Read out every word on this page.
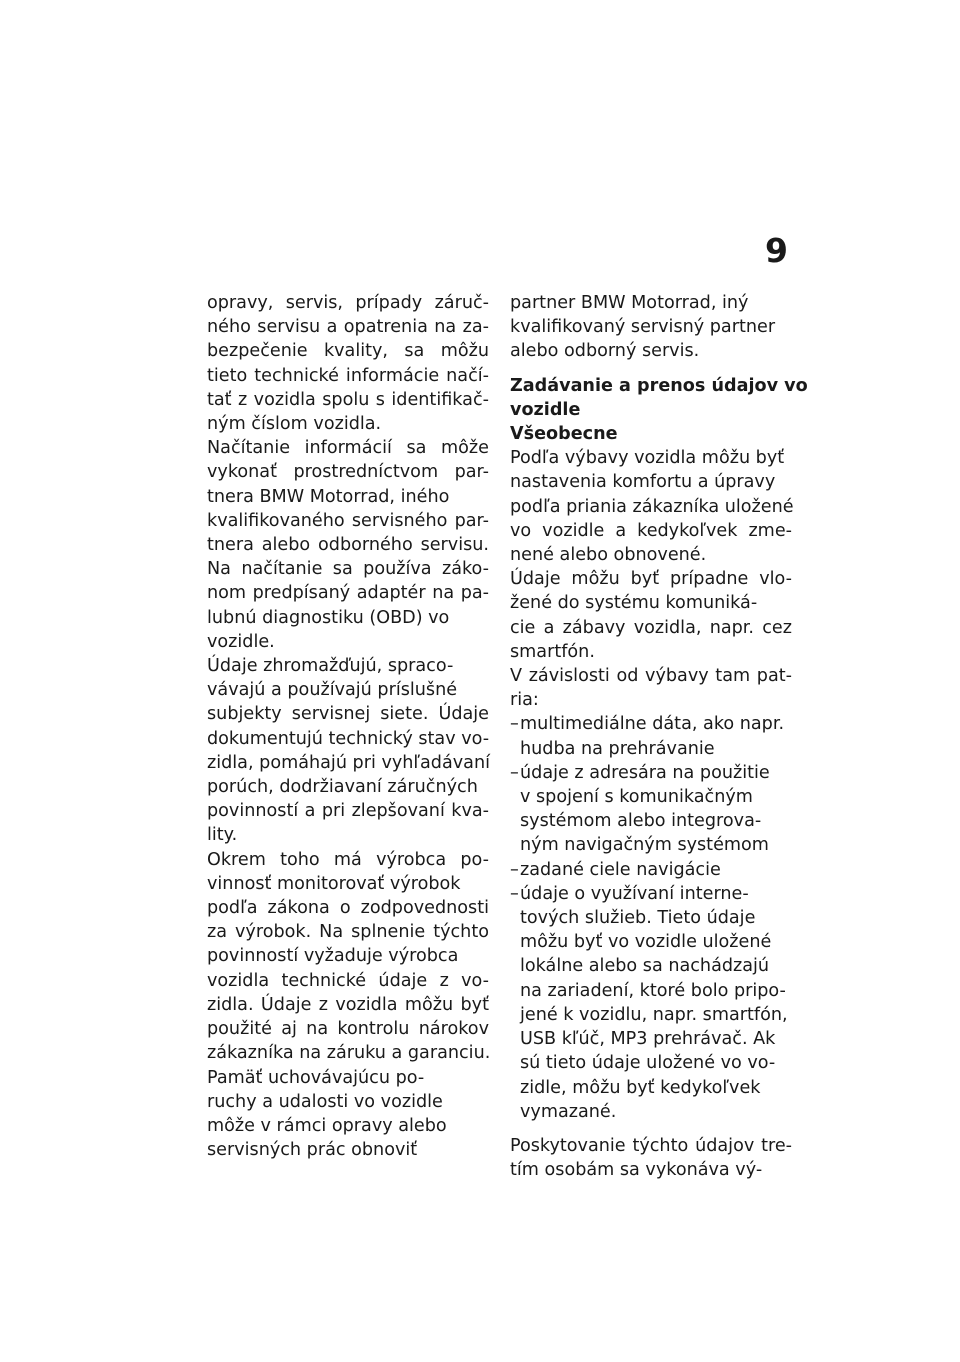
9
opravy, servis, prípady záruč-
ného servisu a opatrenia na za-
bezpečenie kvality, sa môžu
tieto technické informácie načí-
tať z vozidla spolu s identifikač-
ným číslom vozidla.
Načítanie informácií sa môže
vykonať prostredníctvom par-
tnera BMW Motorrad, iného
kvalifikovaného servisného par-
tnera alebo odborného servisu.
Na načítanie sa používa záko-
nom predpísaný adaptér na pa-
lubnú diagnostiku (OBD) vo
vozidle.
Údaje zhromažďujú, spraco-
vávajú a používajú príslušné
subjekty servisnej siete. Údaje
dokumentujú technický stav vo-
zidla, pomáhajú pri vyhľadávaní
porúch, dodržiavaní záručných
povinností a pri zlepšovaní kva-
lity.
Okrem toho má výrobca po-
vinnosť monitorovať výrobok
podľa zákona o zodpovednosti
za výrobok. Na splnenie týchto
povinností vyžaduje výrobca
vozidla technické údaje z vo-
zidla. Údaje z vozidla môžu byť
použité aj na kontrolu nárokov
zákazníka na záruku a garanciu.
Pamäť uchovávajúcu po-
ruchy a udalosti vo vozidle
môže v rámci opravy alebo
servisných prác obnoviť
partner BMW Motorrad, iný
kvalifikovaný servisný partner
alebo odborný servis.
Zadávanie a prenos údajov vo
vozidle
Všeobecne
Podľa výbavy vozidla môžu byť
nastavenia komfortu a úpravy
podľa priania zákazníka uložené
vo vozidle a kedykoľvek zme-
nené alebo obnovené.
Údaje môžu byť prípadne vlo-
žené do systému komuniká-
cie a zábavy vozidla, napr. cez
smartfón.
V závislosti od výbavy tam pat-
ria:
– multimediálne dáta, ako napr.
hudba na prehrávanie
– údaje z adresára na použitie
v spojení s komunikačným
systémom alebo integrova-
ným navigačným systémom
– zadané ciele navigácie
– údaje o využívaní interne-
tových služieb. Tieto údaje
môžu byť vo vozidle uložené
lokálne alebo sa nachádzajú
na zariadení, ktoré bolo pripo-
jené k vozidlu, napr. smartfón,
USB kľúč, MP3 prehrávač. Ak
sú tieto údaje uložené vo vo-
zidle, môžu byť kedykoľvek
vymazané.
Poskytovanie týchto údajov tre-
tím osobám sa vykonáva vý-
